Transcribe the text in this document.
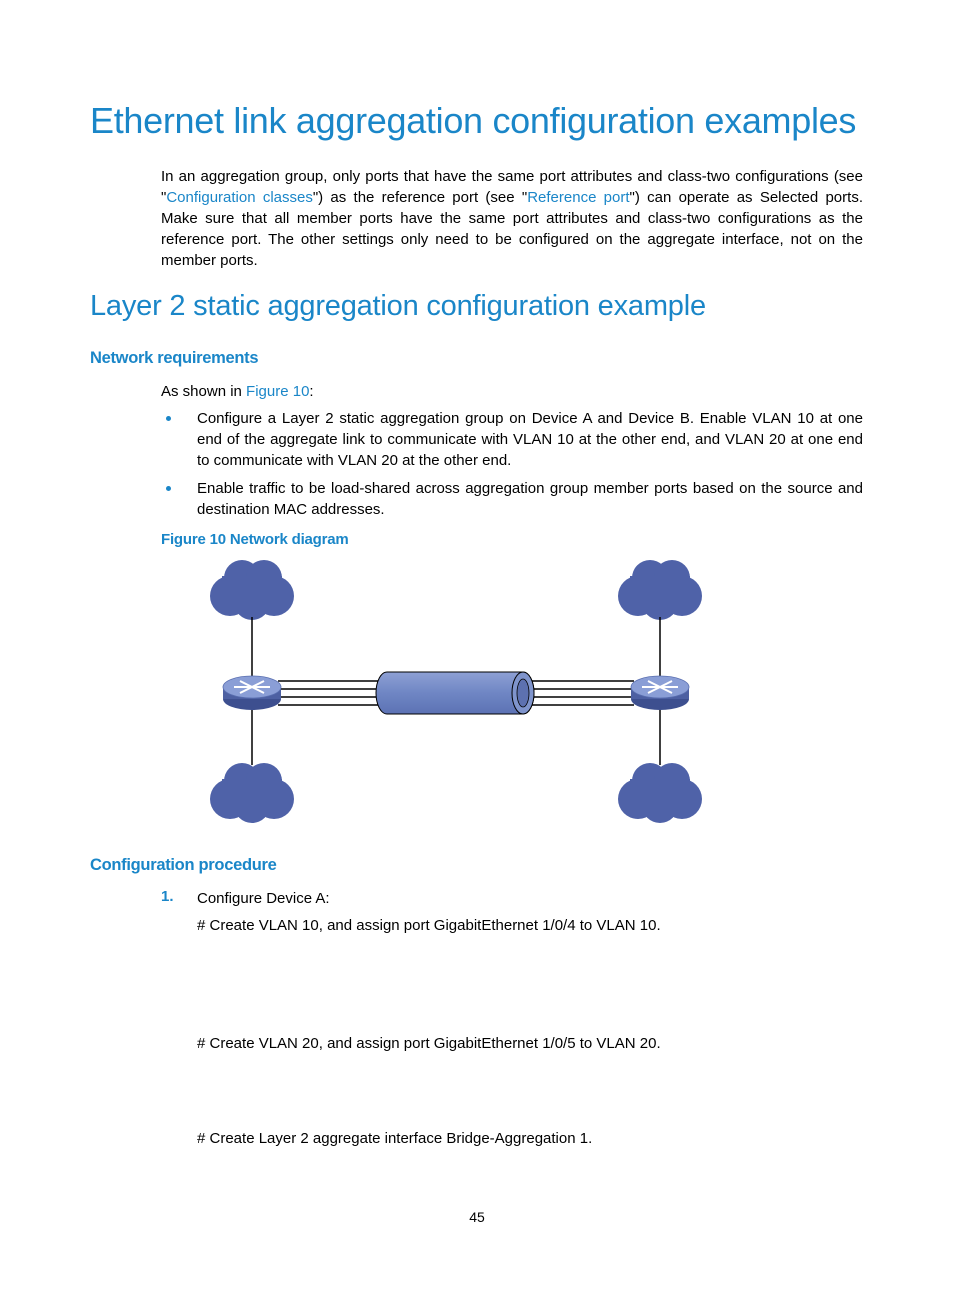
Ethernet link aggregation configuration examples
In an aggregation group, only ports that have the same port attributes and class-two configurations (see "Configuration classes") as the reference port (see "Reference port") can operate as Selected ports. Make sure that all member ports have the same port attributes and class-two configurations as the reference port. The other settings only need to be configured on the aggregate interface, not on the member ports.
Layer 2 static aggregation configuration example
Network requirements
As shown in Figure 10:
Configure a Layer 2 static aggregation group on Device A and Device B. Enable VLAN 10 at one end of the aggregate link to communicate with VLAN 10 at the other end, and VLAN 20 at one end to communicate with VLAN 20 at the other end.
Enable traffic to be load-shared across aggregation group member ports based on the source and destination MAC addresses.
Figure 10 Network diagram
Configuration procedure
1. Configure Device A:
# Create VLAN 10, and assign port GigabitEthernet 1/0/4 to VLAN 10.
# Create VLAN 20, and assign port GigabitEthernet 1/0/5 to VLAN 20.
# Create Layer 2 aggregate interface Bridge-Aggregation 1.
45
